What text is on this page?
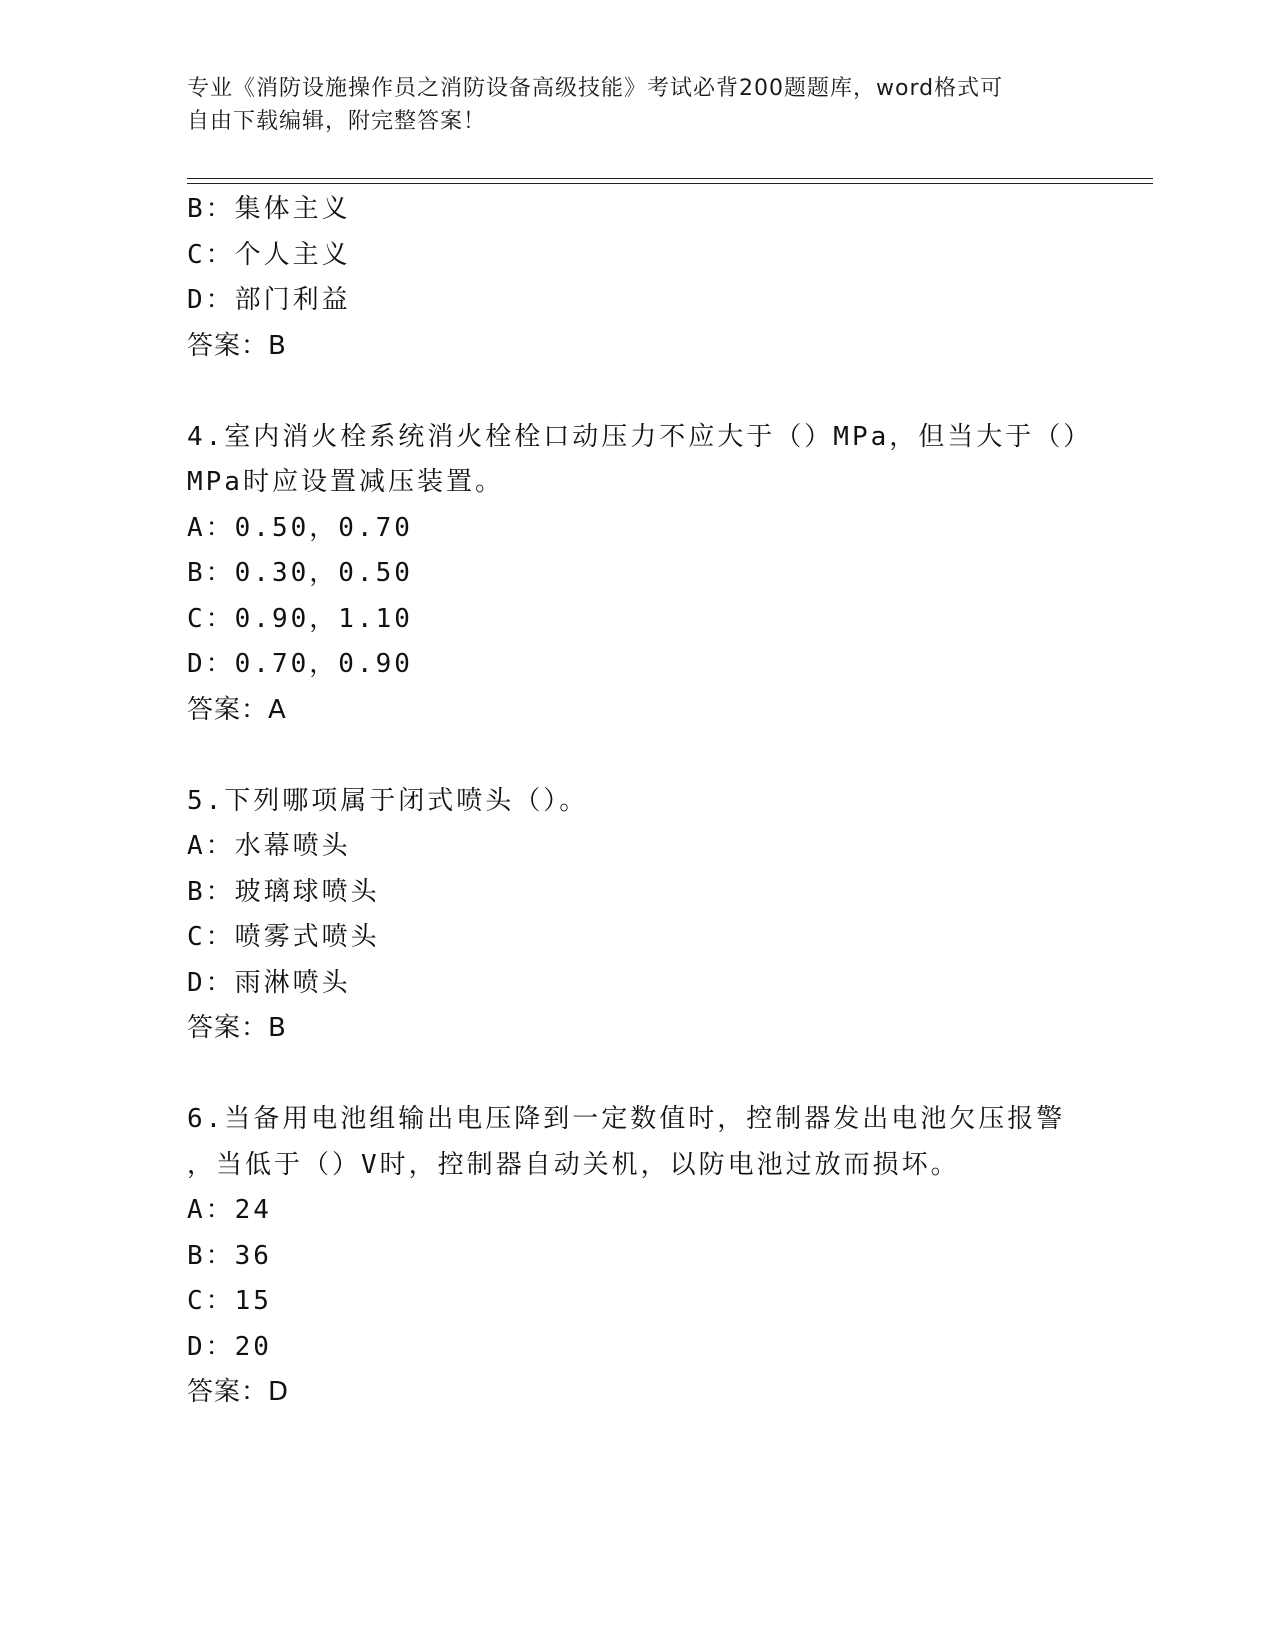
专业《消防设施操作员之消防设备高级技能》考试必背200题题库，word格式可
自由下载编辑，附完整答案！
B：集体主义
C：个人主义
D：部门利益
答案：B
4.室内消火栓系统消火栓栓口动压力不应大于（）MPa，但当大于（）
MPa时应设置减压装置。
A：0.50，0.70
B：0.30，0.50
C：0.90，1.10
D：0.70，0.90
答案：A
5.下列哪项属于闭式喷头（）。
A：水幕喷头
B：玻璃球喷头
C：喷雾式喷头
D：雨淋喷头
答案：B
6.当备用电池组输出电压降到一定数值时，控制器发出电池欠压报警
，当低于（）V时，控制器自动关机，以防电池过放而损坏。
A：24
B：36
C：15
D：20
答案：D
